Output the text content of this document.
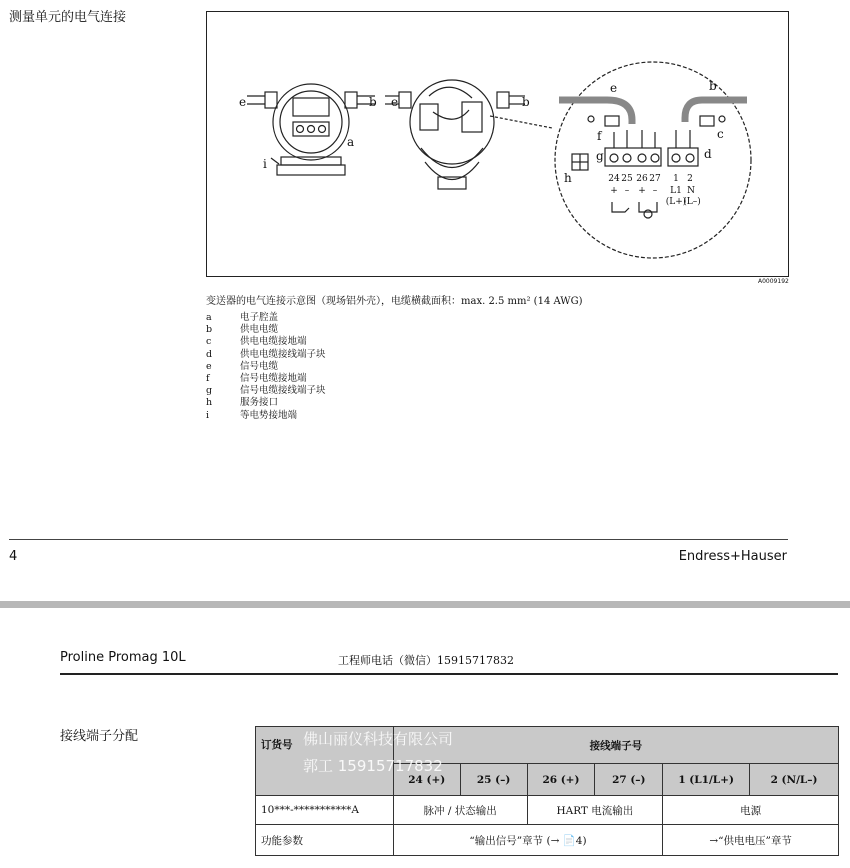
测量单元的电气连接
e	b
a
i
e	b
e	b
f	c
g	d
h	24 25 26 27 1 2
+ – + – L1 N
(L+)
(L–)
A0009192
变送器的电气连接示意图（现场铝外壳），电缆横截面积：max. 2.5 mm² (14 AWG)
a	电子腔盖
b	供电电缆
c	供电电缆接地端
d	供电电缆接线端子块
e	信号电缆
f	信号电缆接地端
g	信号电缆接线端子块
h	服务接口
i	等电势接地端
4	Endress+Hauser
Proline Promag 10L	工程师电话（微信）15915717832
接线端子分配
订货号	接线端子号					
	24 (+)	25 (–)	26 (+)	27 (–)	1 (L1/L+)	2 (N/L–)
10***-***********A	脉冲 / 状态输出		HART 电流输出		电源	
功能参数	“输出信号”章节 (→ 📄4)				→“供电电压”章节	
佛山丽仪科技有限公司
郭工 15915717832
